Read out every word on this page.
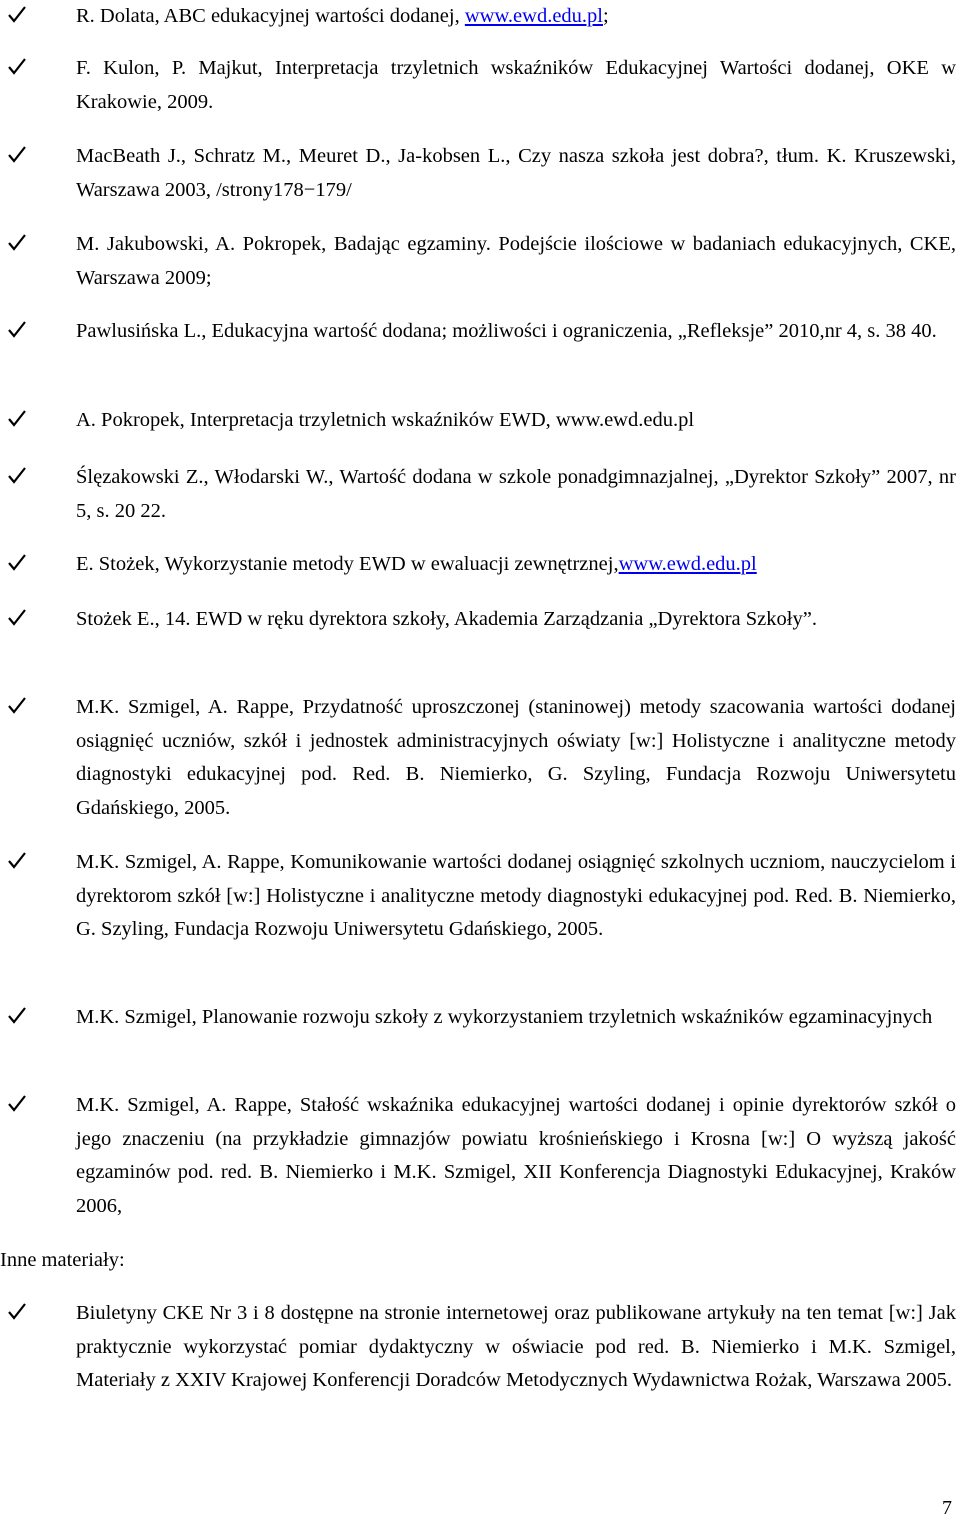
R. Dolata, ABC edukacyjnej wartości dodanej, www.ewd.edu.pl;
F. Kulon, P. Majkut, Interpretacja trzyletnich wskaźników Edukacyjnej Wartości dodanej, OKE w Krakowie, 2009.
MacBeath J., Schratz M., Meuret D., Ja-kobsen L., Czy nasza szkoła jest dobra?, tłum. K. Kruszewski, Warszawa 2003, /strony178−179/
M. Jakubowski, A. Pokropek, Badając egzaminy. Podejście ilościowe w badaniach edukacyjnych, CKE, Warszawa 2009;
Pawlusińska L., Edukacyjna wartość dodana; możliwości i ograniczenia, „Refleksje” 2010,nr 4, s. 38 40.
A. Pokropek, Interpretacja trzyletnich wskaźników EWD, www.ewd.edu.pl
Ślęzakowski Z., Włodarski W., Wartość dodana w szkole ponadgimnazjalnej, „Dyrektor Szkoły” 2007, nr 5, s. 20 22.
E. Stożek, Wykorzystanie metody EWD w ewaluacji zewnętrznej,www.ewd.edu.pl
Stożek E., 14. EWD w ręku dyrektora szkoły, Akademia Zarządzania „Dyrektora Szkoły”.
M.K. Szmigel, A. Rappe, Przydatność uproszczonej (staninowej) metody szacowania wartości dodanej osiągnięć uczniów, szkół i jednostek administracyjnych oświaty [w:] Holistyczne i analityczne metody diagnostyki edukacyjnej pod. Red. B. Niemierko, G. Szyling, Fundacja Rozwoju Uniwersytetu Gdańskiego, 2005.
M.K. Szmigel, A. Rappe, Komunikowanie wartości dodanej osiągnięć szkolnych uczniom, nauczycielom i dyrektorom szkół [w:] Holistyczne i analityczne metody diagnostyki edukacyjnej pod. Red. B. Niemierko, G. Szyling, Fundacja Rozwoju Uniwersytetu Gdańskiego, 2005.
M.K. Szmigel, Planowanie rozwoju szkoły z wykorzystaniem trzyletnich wskaźników egzaminacyjnych
M.K. Szmigel, A. Rappe, Stałość wskaźnika edukacyjnej wartości dodanej i opinie dyrektorów szkół o jego znaczeniu (na przykładzie gimnazjów powiatu krośnieńskiego i Krosna [w:] O wyższą jakość egzaminów pod. red. B. Niemierko i M.K. Szmigel, XII Konferencja Diagnostyki Edukacyjnej, Kraków 2006,
Inne materiały:
Biuletyny CKE Nr 3 i 8 dostępne na stronie internetowej oraz publikowane artykuły na ten temat [w:] Jak praktycznie wykorzystać pomiar dydaktyczny w oświacie pod red. B. Niemierko i M.K. Szmigel, Materiały z XXIV Krajowej Konferencji Doradców Metodycznych Wydawnictwa Rożak, Warszawa 2005.
7
